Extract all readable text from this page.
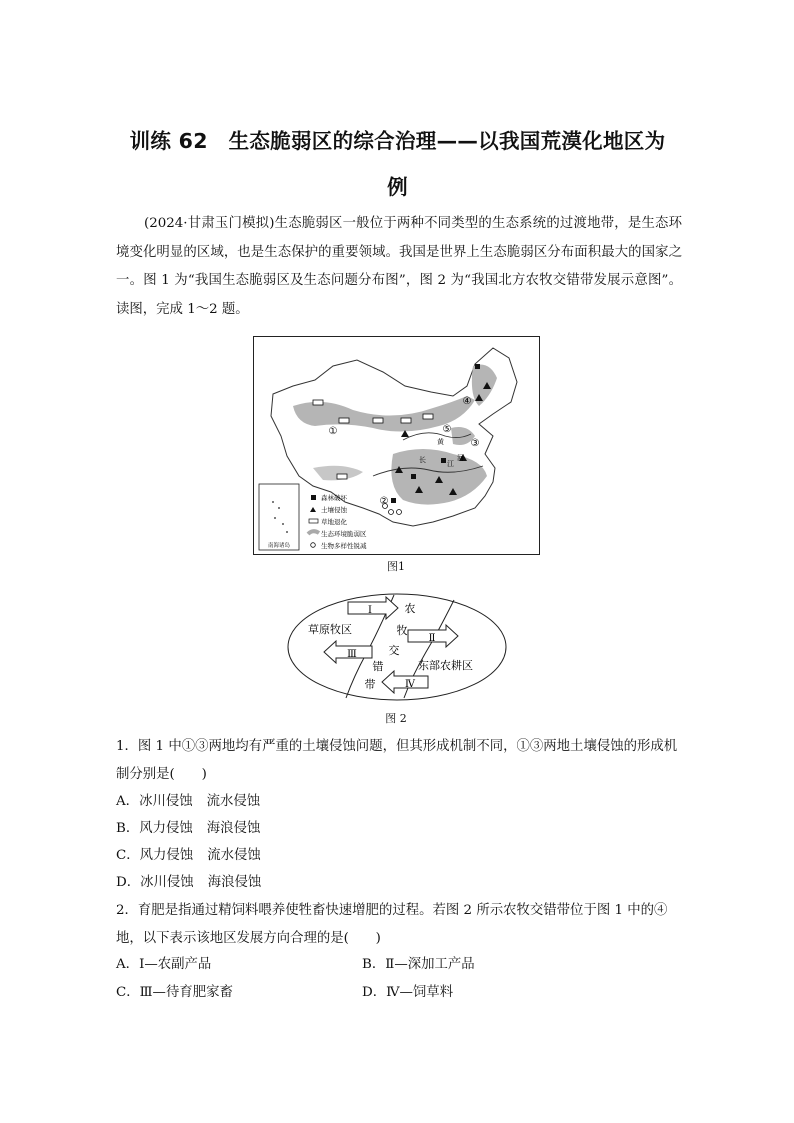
训练 62　生态脆弱区的综合治理——以我国荒漠化地区为
例
(2024·甘肃玉门模拟)生态脆弱区一般位于两种不同类型的生态系统的过渡地带，是生态环境变化明显的区域，也是生态保护的重要领域。我国是世界上生态脆弱区分布面积最大的国家之一。图 1 为“我国生态脆弱区及生态问题分布图”，图 2 为“我国北方农牧交错带发展示意图”。读图，完成 1～2 题。
①
②
③
④
⑤
黄
河
长	江
南海诸岛
森林破坏
土壤侵蚀
草地退化
生态环境脆弱区
生物多样性锐减
图1
Ⅰ
Ⅱ
Ⅲ
Ⅳ
草原牧区
东部农耕区
农
牧
交
错
带
图 2
1．图 1 中①③两地均有严重的土壤侵蚀问题，但其形成机制不同，①③两地土壤侵蚀的形成机制分别是(　　)
A．冰川侵蚀 流水侵蚀
B．风力侵蚀 海浪侵蚀
C．风力侵蚀 流水侵蚀
D．冰川侵蚀 海浪侵蚀
2．育肥是指通过精饲料喂养使牲畜快速增肥的过程。若图 2 所示农牧交错带位于图 1 中的④地，以下表示该地区发展方向合理的是(　　)
A．Ⅰ—农副产品	B．Ⅱ—深加工产品
C．Ⅲ—待育肥家畜	D．Ⅳ—饲草料
